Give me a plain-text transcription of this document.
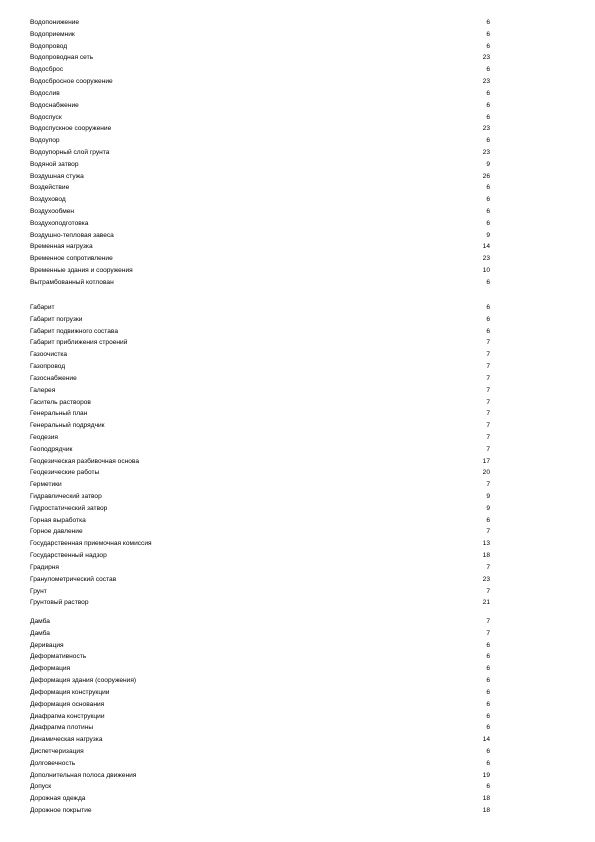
Водопонижение	6
Водоприемник	6
Водопровод	6
Водопроводная сеть	23
Водосброс	6
Водосбросное сооружение	23
Водослив	6
Водоснабжение	6
Водоспуск	6
Водоспускное сооружение	23
Водоупор	6
Водоупорный слой грунта	23
Водяной затвор	9
Воздушная стужа	26
Воздействие	6
Воздуховод	6
Воздухообмен	6
Воздухоподготовка	6
Воздушно-тепловая завеса	9
Временная нагрузка	14
Временное сопротивление	23
Временные здания и сооружения	10
Вытрамбованный котлован	6
Габарит	6
Габарит погрузки	6
Габарит подвижного состава	6
Габарит приближения строений	7
Газоочистка	7
Газопровод	7
Газоснабжение	7
Галерея	7
Гаситель растворов	7
Генеральный план	7
Генеральный подрядчик	7
Геодезия	7
Геоподрядчик	7
Геодезическая разбивочная основа	17
Геодезические работы	20
Герметики	7
Гидравлический затвор	9
Гидростатический затвор	9
Горная выработка	6
Горное давление	7
Государственная приемочная комиссия	13
Государственный надзор	18
Градирня	7
Гранулометрический состав	23
Грунт	7
Грунтовый раствор	21
Дамба	7
Дамба	7
Деривация	6
Деформативность	6
Деформация	6
Деформация здания (сооружения)	6
Деформация конструкции	6
Деформация основания	6
Диафрагма конструкции	6
Диафрагма плотины	6
Динамическая нагрузка	14
Диспетчеризация	6
Долговечность	6
Дополнительная полоса движения	19
Допуск	6
Дорожная одежда	18
Дорожное покрытие	18
